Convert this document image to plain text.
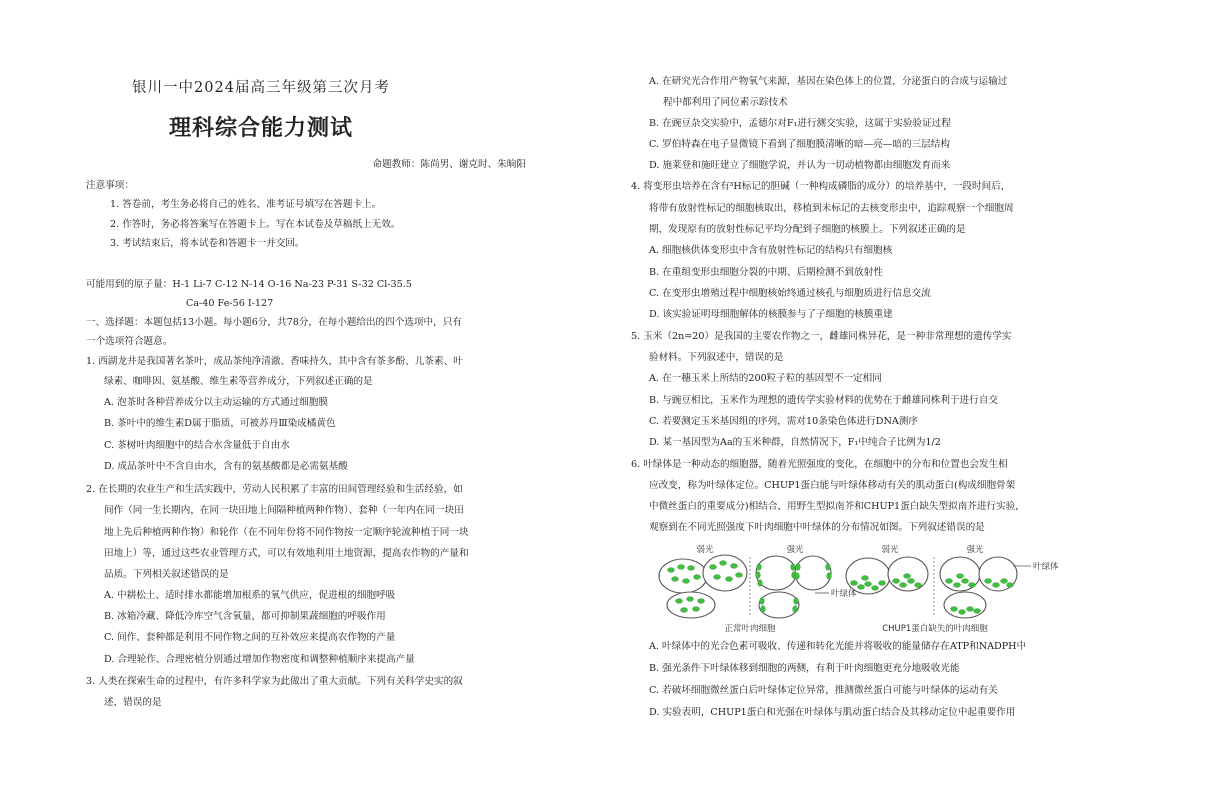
银川一中2024届高三年级第三次月考
理科综合能力测试
命题教师：陈尚男、谢克时、朱晌阳
注意事项：
1. 答卷前，考生务必将自己的姓名、准考证号填写在答题卡上。
2. 作答时，务必将答案写在答题卡上。写在本试卷及草稿纸上无效。
3. 考试结束后，将本试卷和答题卡一并交回。
可能用到的原子量：H-1 Li-7 C-12 N-14 O-16 Na-23 P-31 S-32 Cl-35.5
Ca-40 Fe-56 I-127
一、选择题：本题包括13小题。每小题6分，共78分，在每小题给出的四个选项中，只有
一个选项符合题意。
1. 西湖龙井是我国著名茶叶，成品茶纯净清澈、香味持久，其中含有茶多酚、儿茶素、叶
绿素、咖啡因、氨基酸、维生素等营养成分，下列叙述正确的是
A. 泡茶时各种营养成分以主动运输的方式通过细胞膜
B. 茶叶中的维生素D属于脂质，可被苏丹Ⅲ染成橘黄色
C. 茶树叶肉细胞中的结合水含量低于自由水
D. 成品茶叶中不含自由水，含有的氨基酸都是必需氨基酸
2. 在长期的农业生产和生活实践中，劳动人民积累了丰富的田间管理经验和生活经验，如
间作（同一生长期内，在同一块田地上间隔种植两种作物）、套种（一年内在同一块田
地上先后种植两种作物）和轮作（在不同年份将不同作物按一定顺序轮流种植于同一块
田地上）等，通过这些农业管理方式，可以有效地利用土地资源，提高农作物的产量和
品质。下列相关叙述错误的是
A. 中耕松土、适时排水都能增加根系的氧气供应，促进根的细胞呼吸
B. 冰箱冷藏、降低冷库空气含氧量，都可抑制果蔬细胞的呼吸作用
C. 间作、套种都是利用不同作物之间的互补效应来提高农作物的产量
D. 合理轮作、合理密植分别通过增加作物密度和调整种植顺序来提高产量
3. 人类在探索生命的过程中，有许多科学家为此做出了重大贡献。下列有关科学史实的叙
述，错误的是
A. 在研究光合作用产物氧气来源，基因在染色体上的位置，分泌蛋白的合成与运输过
程中都利用了同位素示踪技术
B. 在豌豆杂交实验中，孟德尔对F₁进行测交实验，这属于实验验证过程
C. 罗伯特森在电子显微镜下看到了细胞膜清晰的暗—亮—暗的三层结构
D. 施莱登和施旺建立了细胞学说，并认为一切动植物都由细胞发育而来
4. 将变形虫培养在含有³H标记的胆碱（一种构成磷脂的成分）的培养基中，一段时间后，
将带有放射性标记的细胞核取出，移植到未标记的去核变形虫中，追踪观察一个细胞周
期，发现原有的放射性标记平均分配到子细胞的核膜上。下列叙述正确的是
A. 细胞核供体变形虫中含有放射性标记的结构只有细胞核
B. 在重组变形虫细胞分裂的中期、后期检测不到放射性
C. 在变形虫增殖过程中细胞核始终通过核孔与细胞质进行信息交流
D. 该实验证明母细胞解体的核膜参与了子细胞的核膜重建
5. 玉米（2n=20）是我国的主要农作物之一，雌雄同株异花，是一种非常理想的遗传学实
验材料。下列叙述中，错误的是
A. 在一穗玉米上所结的200粒子粒的基因型不一定相同
B. 与豌豆相比，玉米作为理想的遗传学实验材料的优势在于雌雄同株利于进行自交
C. 若要测定玉米基因组的序列，需对10条染色体进行DNA测序
D. 某一基因型为Aa的玉米种群，自然情况下，F₁中纯合子比例为1/2
6. 叶绿体是一种动态的细胞器，随着光照强度的变化，在细胞中的分布和位置也会发生相
应改变，称为叶绿体定位。CHUP1蛋白能与叶绿体移动有关的肌动蛋白(构成细胞骨架
中微丝蛋白的重要成分)相结合，用野生型拟南芥和CHUP1蛋白缺失型拟南芥进行实验，
观察到在不同光照强度下叶肉细胞中叶绿体的分布情况如图。下列叙述错误的是
弱光	强光	弱光	强光
叶绿体
叶绿体
正常叶肉细胞	CHUP1蛋白缺失的叶肉细胞
A. 叶绿体中的光合色素可吸收、传递和转化光能并将吸收的能量储存在ATP和NADPH中
B. 强光条件下叶绿体移到细胞的两侧，有利于叶肉细胞更充分地吸收光能
C. 若破坏细胞微丝蛋白后叶绿体定位异常，推测微丝蛋白可能与叶绿体的运动有关
D. 实验表明，CHUP1蛋白和光强在叶绿体与肌动蛋白结合及其移动定位中起重要作用
